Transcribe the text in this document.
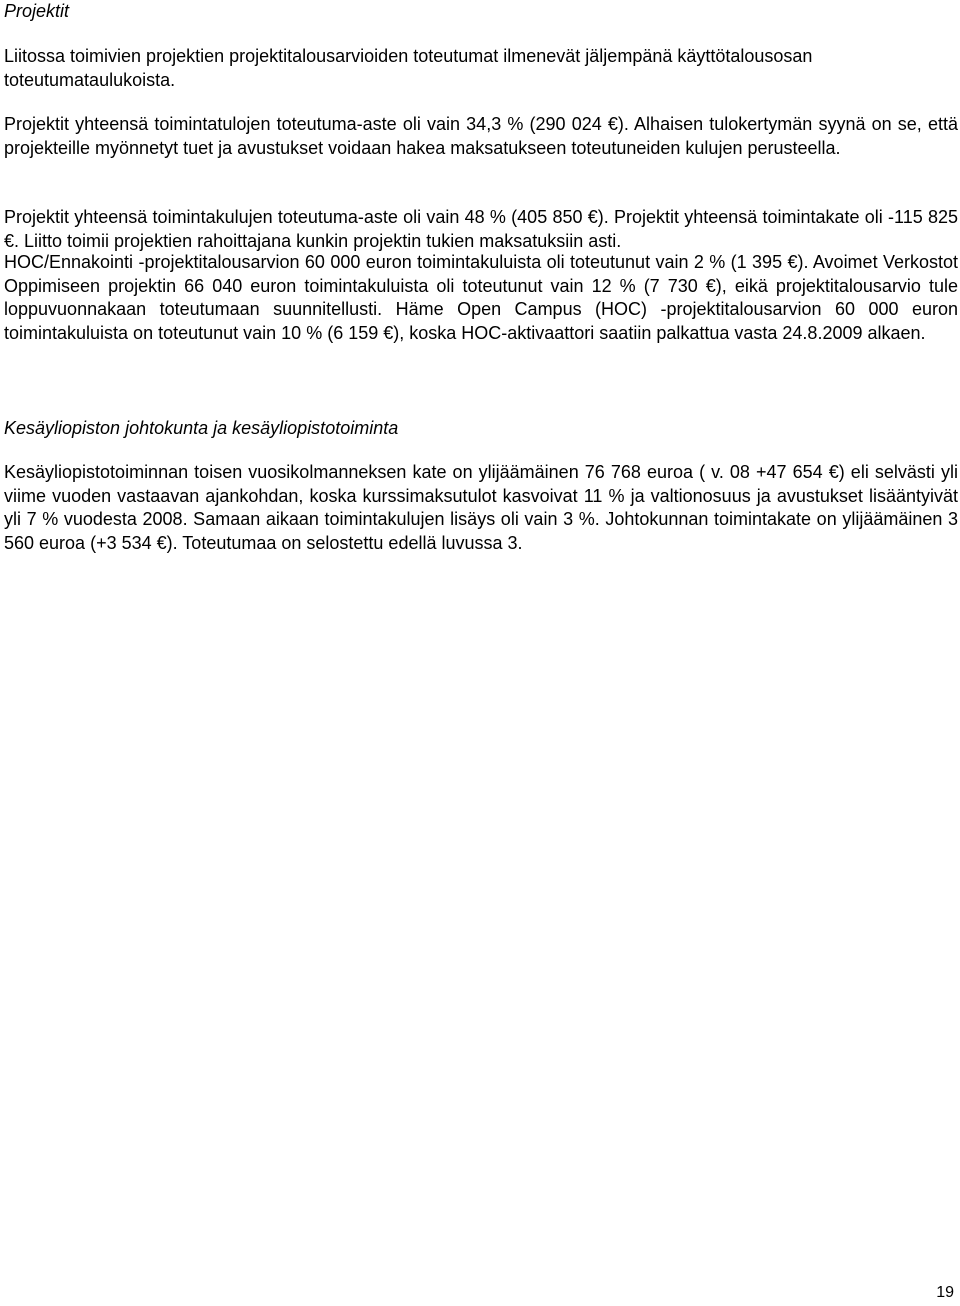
Projektit

Liitossa toimivien projektien projektitalousarvioiden toteutumat ilmenevät jäljempänä käyttötalousosan toteutumataulukoista.

Projektit yhteensä toimintatulojen toteutuma-aste oli vain 34,3 % (290 024 €). Alhaisen tulokertymän syynä on se, että projekteille myönnetyt tuet ja avustukset voidaan hakea maksatukseen toteutuneiden kulujen perusteella.

Projektit yhteensä toimintakulujen toteutuma-aste oli vain 48 % (405 850 €). Projektit yhteensä toimintakate oli -115 825 €. Liitto toimii projektien rahoittajana kunkin projektin tukien maksatuksiin asti.

HOC/Ennakointi -projektitalousarvion 60 000 euron toimintakuluista oli toteutunut vain 2 % (1 395 €). Avoimet Verkostot Oppimiseen projektin 66 040 euron toimintakuluista oli toteutunut vain 12 % (7 730 €), eikä projektitalousarvio tule loppuvuonnakaan toteutumaan suunnitellusti. Häme Open Campus (HOC) -projektitalousarvion 60 000 euron toimintakuluista on toteutunut vain 10 % (6 159 €), koska HOC-aktivaattori saatiin palkattua vasta 24.8.2009 alkaen.

Kesäyliopiston johtokunta ja kesäyliopistotoiminta

Kesäyliopistotoiminnan toisen vuosikolmanneksen kate on ylijäämäinen 76 768 euroa ( v. 08 +47 654 €) eli selvästi yli viime vuoden vastaavan ajankohdan, koska kurssimaksutulot kasvoivat 11 % ja valtionosuus ja avustukset lisääntyivät yli 7 % vuodesta 2008. Samaan aikaan toimintakulujen lisäys oli vain 3 %. Johtokunnan toimintakate on ylijäämäinen 3 560 euroa (+3 534 €). Toteutumaa on selostettu edellä luvussa 3.

19
